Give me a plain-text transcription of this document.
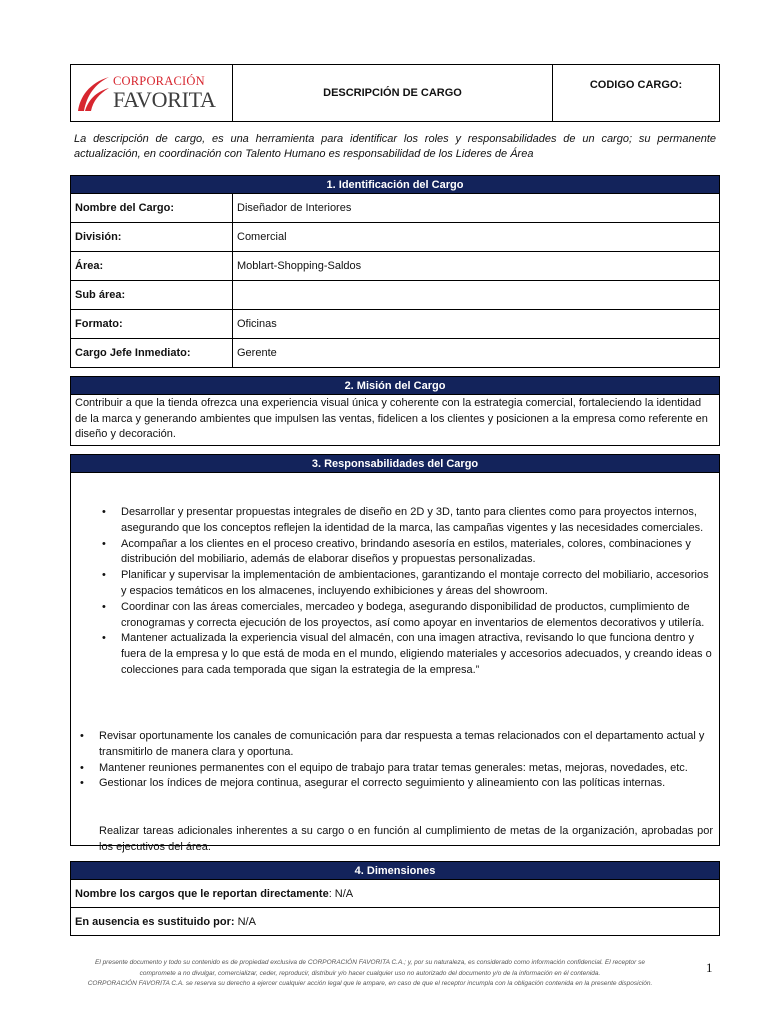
CORPORACIÓN
FAVORITA	DESCRIPCIÓN DE CARGO
CODIGO CARGO:

La descripción de cargo, es una herramienta para identificar los roles y responsabilidades de un cargo; su permanente actualización, en coordinación con Talento Humano es responsabilidad de los Lideres de Área

1. Identificación del Cargo
Nombre del Cargo:	Diseñador de Interiores
División:	Comercial
Área:	Moblart-Shopping-Saldos
Sub área:
Formato:	Oficinas
Cargo Jefe Inmediato:	Gerente
2. Misión del Cargo
Contribuir a que la tienda ofrezca una experiencia visual única y coherente con la estrategia comercial, fortaleciendo la identidad de la marca y generando ambientes que impulsen las ventas, fidelicen a los clientes y posicionen a la empresa como referente en diseño y decoración.
3. Responsabilidades del Cargo
• Desarrollar y presentar propuestas integrales de diseño en 2D y 3D, tanto para clientes como para proyectos internos, asegurando que los conceptos reflejen la identidad de la marca, las campañas vigentes y las necesidades comerciales.
• Acompañar a los clientes en el proceso creativo, brindando asesoría en estilos, materiales, colores, combinaciones y distribución del mobiliario, además de elaborar diseños y propuestas personalizadas.
• Planificar y supervisar la implementación de ambientaciones, garantizando el montaje correcto del mobiliario, accesorios y espacios temáticos en los almacenes, incluyendo exhibiciones y áreas del showroom.
• Coordinar con las áreas comerciales, mercadeo y bodega, asegurando disponibilidad de productos, cumplimiento de cronogramas y correcta ejecución de los proyectos, así como apoyar en inventarios de elementos decorativos y utilería.
• Mantener actualizada la experiencia visual del almacén, con una imagen atractiva, revisando lo que funciona dentro y fuera de la empresa y lo que está de moda en el mundo, eligiendo materiales y accesorios adecuados, y creando ideas o colecciones para cada temporada que sigan la estrategia de la empresa.”
• Revisar oportunamente los canales de comunicación para dar respuesta a temas relacionados con el departamento actual y transmitirlo de manera clara y oportuna.
• Mantener reuniones permanentes con el equipo de trabajo para tratar temas generales: metas, mejoras, novedades, etc.
• Gestionar los índices de mejora continua, asegurar el correcto seguimiento y alineamiento con las políticas internas.

Realizar tareas adicionales inherentes a su cargo o en función al cumplimiento de metas de la organización, aprobadas por los ejecutivos del área.

4. Dimensiones
Nombre los cargos que le reportan directamente : N/A
En ausencia es sustituido por: N/A
El presente documento y todo su contenido es de propiedad exclusiva de CORPORACIÓN FAVORITA C.A.; y, por su naturaleza, es considerado como información confidencial. El receptor se
compromete a no divulgar, comercializar, ceder, reproducir, distribuir y/o hacer cualquier uso no autorizado del documento y/o de la información en él contenida.
CORPORACIÓN FAVORITA C.A. se reserva su derecho a ejercer cualquier acción legal que le ampare, en caso de que el receptor incumpla con la obligación contenida en la presente disposición.
1
